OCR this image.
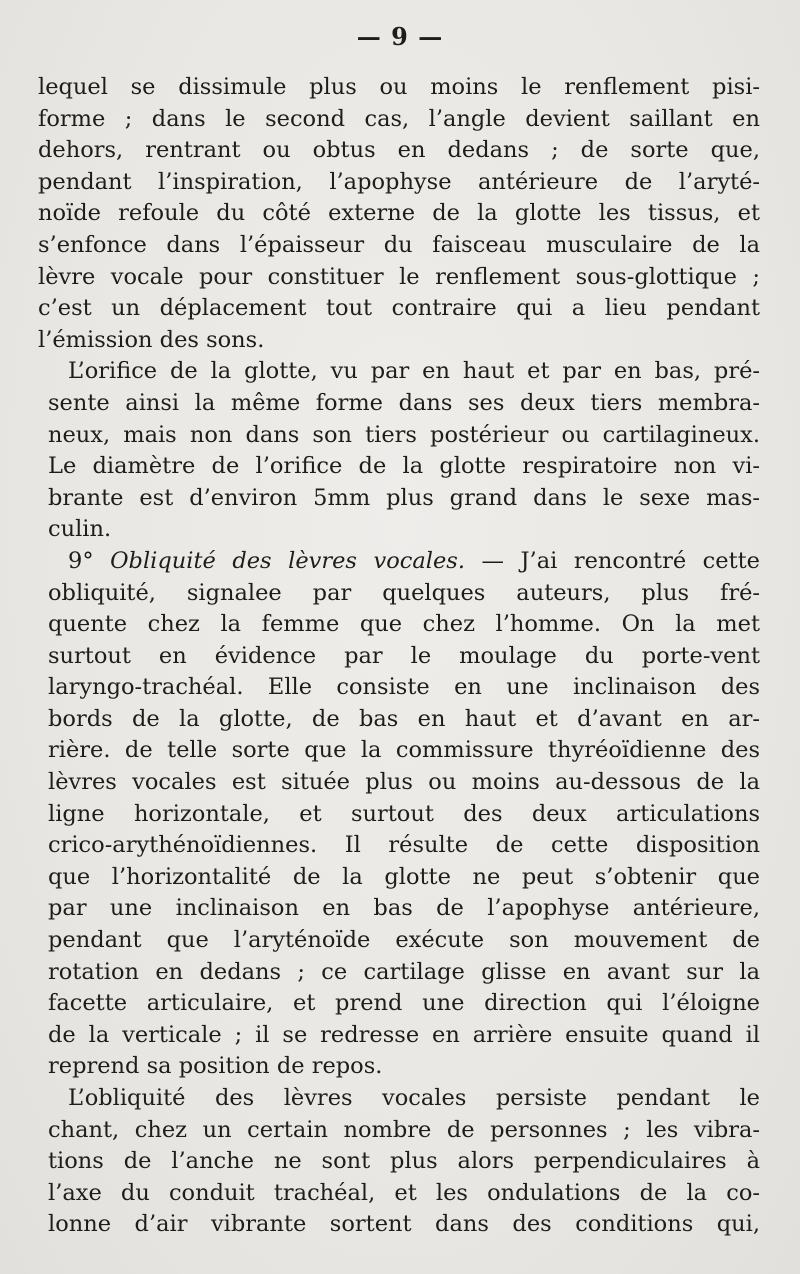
— 9 —
lequel se dissimule plus ou moins le renflement pisi-
forme ; dans le second cas, l’angle devient saillant en
dehors, rentrant ou obtus en dedans ; de sorte que,
pendant l’inspiration, l’apophyse antérieure de l’aryté-
noïde refoule du côté externe de la glotte les tissus, et
s’enfonce dans l’épaisseur du faisceau musculaire de la
lèvre vocale pour constituer le renflement sous-glottique ;
c’est un déplacement tout contraire qui a lieu pendant
l’émission des sons.
L’orifice de la glotte, vu par en haut et par en bas, pré-
sente ainsi la même forme dans ses deux tiers membra-
neux, mais non dans son tiers postérieur ou cartilagineux.
Le diamètre de l’orifice de la glotte respiratoire non vi-
brante est d’environ 5mm plus grand dans le sexe mas-
culin.
9° Obliquité des lèvres vocales. — J’ai rencontré cette
obliquité, signalee par quelques auteurs, plus fré-
quente chez la femme que chez l’homme. On la met
surtout en évidence par le moulage du porte-vent
laryngo-trachéal. Elle consiste en une inclinaison des
bords de la glotte, de bas en haut et d’avant en ar-
rière. de telle sorte que la commissure thyréoïdienne des
lèvres vocales est située plus ou moins au-dessous de la
ligne horizontale, et surtout des deux articulations
crico-arythénoïdiennes. Il résulte de cette disposition
que l’horizontalité de la glotte ne peut s’obtenir que
par une inclinaison en bas de l’apophyse antérieure,
pendant que l’aryténoïde exécute son mouvement de
rotation en dedans ; ce cartilage glisse en avant sur la
facette articulaire, et prend une direction qui l’éloigne
de la verticale ; il se redresse en arrière ensuite quand il
reprend sa position de repos.
L’obliquité des lèvres vocales persiste pendant le
chant, chez un certain nombre de personnes ; les vibra-
tions de l’anche ne sont plus alors perpendiculaires à
l’axe du conduit trachéal, et les ondulations de la co-
lonne d’air vibrante sortent dans des conditions qui,
